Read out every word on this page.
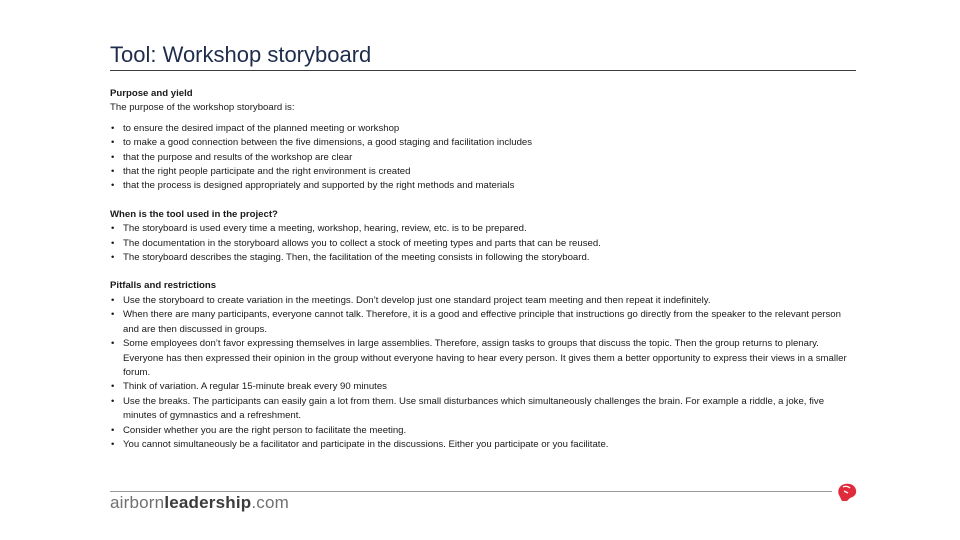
Tool: Workshop storyboard

Purpose and yield

The purpose of the workshop storyboard is:

• to ensure the desired impact of the planned meeting or workshop
• to make a good connection between the five dimensions, a good staging and facilitation includes
• that the purpose and results of the workshop are clear
• that the right people participate and the right environment is created
• that the process is designed appropriately and supported by the right methods and materials

When is the tool used in the project?

• The storyboard is used every time a meeting, workshop, hearing, review, etc. is to be prepared.
• The documentation in the storyboard allows you to collect a stock of meeting types and parts that can be reused.
• The storyboard describes the staging. Then, the facilitation of the meeting consists in following the storyboard.

Pitfalls and restrictions

• Use the storyboard to create variation in the meetings. Don’t develop just one standard project team meeting and then repeat it indefinitely.
• When there are many participants, everyone cannot talk. Therefore, it is a good and effective principle that instructions go directly from the speaker to the relevant person and are then discussed in groups.
• Some employees don’t favor expressing themselves in large assemblies. Therefore, assign tasks to groups that discuss the topic. Then the group returns to plenary. Everyone has then expressed their opinion in the group without everyone having to hear every person. It gives them a better opportunity to express their views in a smaller forum.
• Think of variation. A regular 15-minute break every 90 minutes
• Use the breaks. The participants can easily gain a lot from them. Use small disturbances which simultaneously challenges the brain. For example a riddle, a joke, five minutes of gymnastics and a refreshment.
• Consider whether you are the right person to facilitate the meeting.
• You cannot simultaneously be a facilitator and participate in the discussions. Either you participate or you facilitate.
airbornleadership.com
